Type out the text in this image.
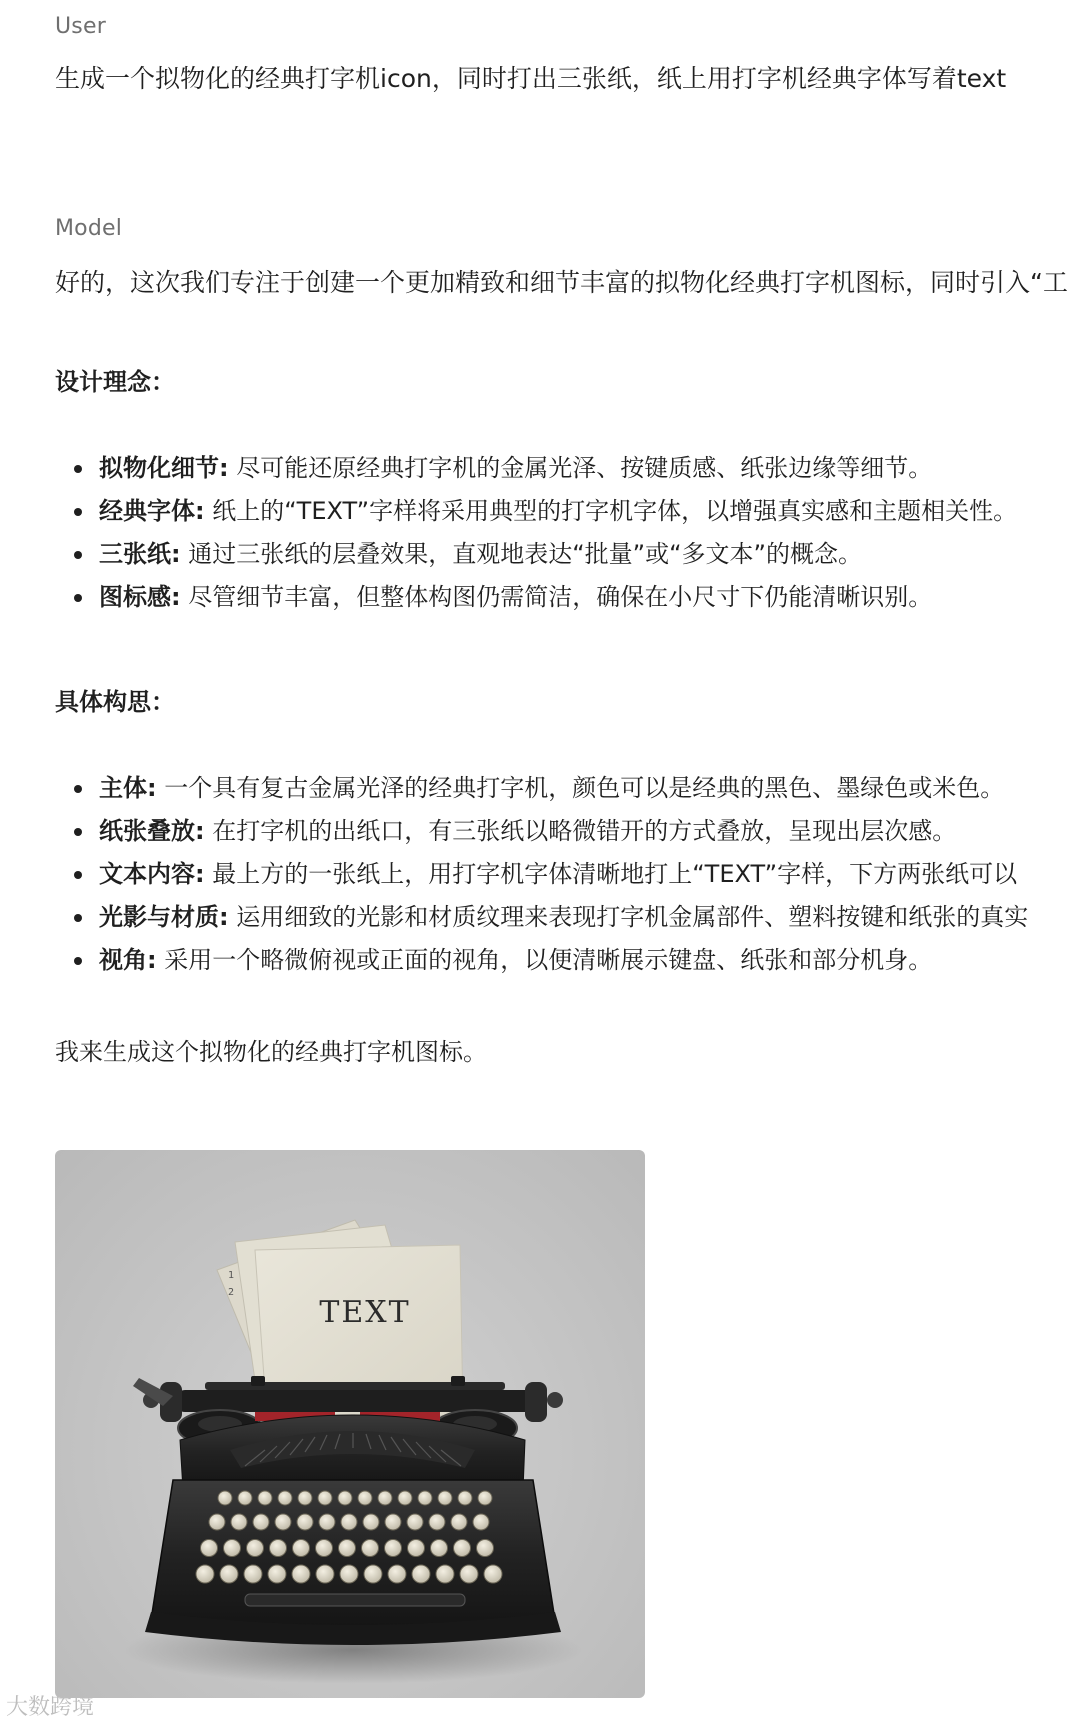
User
生成一个拟物化的经典打字机icon，同时打出三张纸，纸上用打字机经典字体写着text
Model
好的，这次我们专注于创建一个更加精致和细节丰富的拟物化经典打字机图标，同时引入“工
设计理念：
拟物化细节: 尽可能还原经典打字机的金属光泽、按键质感、纸张边缘等细节。
经典字体: 纸上的“TEXT”字样将采用典型的打字机字体，以增强真实感和主题相关性。
三张纸: 通过三张纸的层叠效果，直观地表达“批量”或“多文本”的概念。
图标感: 尽管细节丰富，但整体构图仍需简洁，确保在小尺寸下仍能清晰识别。
具体构思：
主体: 一个具有复古金属光泽的经典打字机，颜色可以是经典的黑色、墨绿色或米色。
纸张叠放: 在打字机的出纸口，有三张纸以略微错开的方式叠放，呈现出层次感。
文本内容: 最上方的一张纸上，用打字机字体清晰地打上“TEXT”字样，下方两张纸可以
光影与材质: 运用细致的光影和材质纹理来表现打字机金属部件、塑料按键和纸张的真实
视角: 采用一个略微俯视或正面的视角，以便清晰展示键盘、纸张和部分机身。
我来生成这个拟物化的经典打字机图标。
TEXT
1
2
大数跨境
